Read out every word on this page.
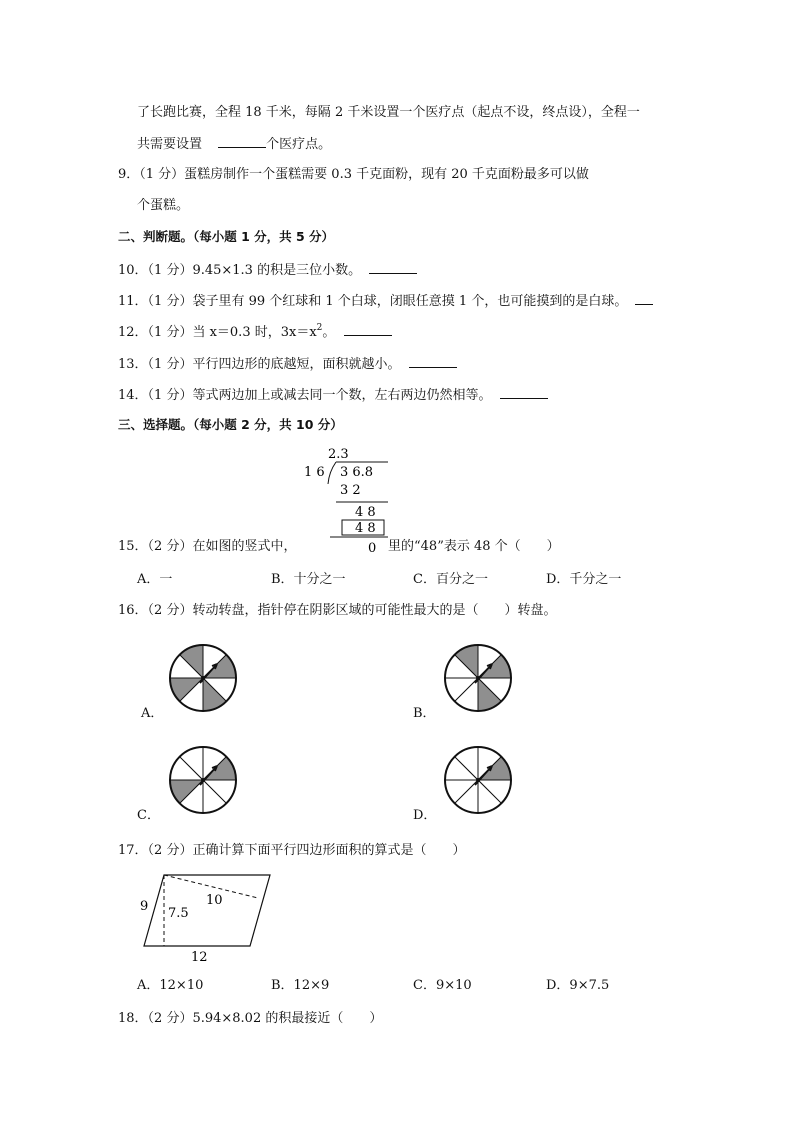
了长跑比赛，全程 18 千米，每隔 2 千米设置一个医疗点（起点不设，终点设），全程一
共需要设置	个医疗点。
9．（1 分）蛋糕房制作一个蛋糕需要 0.3 千克面粉，现有 20 千克面粉最多可以做
个蛋糕。
二、判断题。（每小题 1 分，共 5 分）
10．（1 分）9.45×1.3 的积是三位小数。
11．（1 分）袋子里有 99 个红球和 1 个白球，闭眼任意摸 1 个，也可能摸到的是白球。
12．（1 分）当 x＝0.3 时，$3x=x^2$。
13．（1 分）平行四边形的底越短，面积就越小。
14．（1 分）等式两边加上或减去同一个数，左右两边仍然相等。
三、选择题。（每小题 2 分，共 10 分）
2.3
1 6 3 6.8
3 2
4 8
4 8
0
15．（2 分）在如图的竖式中，	里的“48”表示 48 个（　　）
A．一	B．十分之一	C．百分之一	D．千分之一
16．（2 分）转动转盘，指针停在阴影区域的可能性最大的是（　　）转盘。
A．	B．
C．	D．
17．（2 分）正确计算下面平行四边形面积的算式是（　　）
9 7.5
10
12
A．12×10	B．12×9	C．9×10	D．9×7.5
18．（2 分）5.94×8.02 的积最接近（　　）
